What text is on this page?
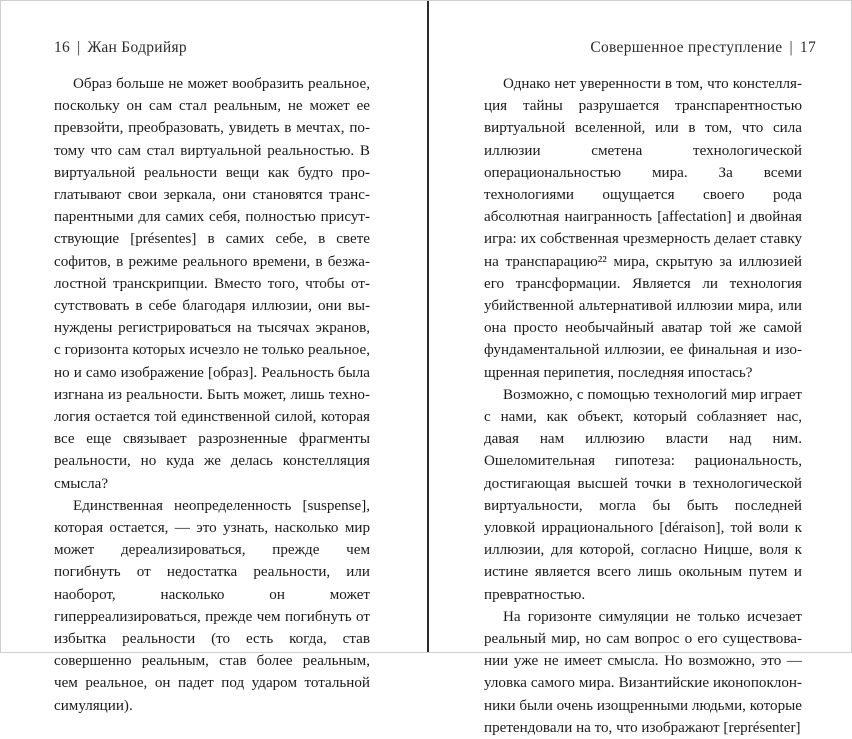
16 | Жан Бодрийяр

Образ больше не может вообразить реальное, поскольку он сам стал реальным, не может ее превзойти, преобразовать, увидеть в мечтах, потому что сам стал виртуальной реальностью. В виртуальной реальности вещи как будто проглатывают свои зеркала, они становятся транспарентными для самих себя, полностью присутствующие [présentes] в самих себе, в свете софитов, в режиме реального времени, в безжалостной транскрипции. Вместо того, чтобы отсутствовать в себе благодаря иллюзии, они вынуждены регистрироваться на тысячах экранов, с горизонта которых исчезло не только реальное, но и само изображение [образ]. Реальность была изгнана из реальности. Быть может, лишь технология остается той единственной силой, которая все еще связывает разрозненные фрагменты реальности, но куда же делась констелляция смысла?

Единственная неопределенность [suspense], которая остается, — это узнать, насколько мир может дереализироваться, прежде чем погибнуть от недостатка реальности, или наоборот, насколько он может гиперреализироваться, прежде чем погибнуть от избытка реальности (то есть когда, став совершенно реальным, став более реальным, чем реальное, он падет под ударом тотальной симуляции).

Совершенное преступление | 17

Однако нет уверенности в том, что констелляция тайны разрушается транспарентностью виртуальной вселенной, или в том, что сила иллюзии сметена технологической операциональностью мира. За всеми технологиями ощущается своего рода абсолютная наигранность [affectation] и двойная игра: их собственная чрезмерность делает ставку на транспарацию²² мира, скрытую за иллюзией его трансформации. Является ли технология убийственной альтернативой иллюзии мира, или она просто необычайный аватар той же самой фундаментальной иллюзии, ее финальная и изощренная перипетия, последняя ипостась?

Возможно, с помощью технологий мир играет с нами, как объект, который соблазняет нас, давая нам иллюзию власти над ним. Ошеломительная гипотеза: рациональность, достигающая высшей точки в технологической виртуальности, могла бы быть последней уловкой иррационального [déraison], той воли к иллюзии, для которой, согласно Ницше, воля к истине является всего лишь окольным путем и превратностью.

На горизонте симуляции не только исчезает реальный мир, но сам вопрос о его существовании уже не имеет смысла. Но возможно, это — уловка самого мира. Византийские иконопоклонники были очень изощренными людьми, которые претендовали на то, что изображают [représenter]
